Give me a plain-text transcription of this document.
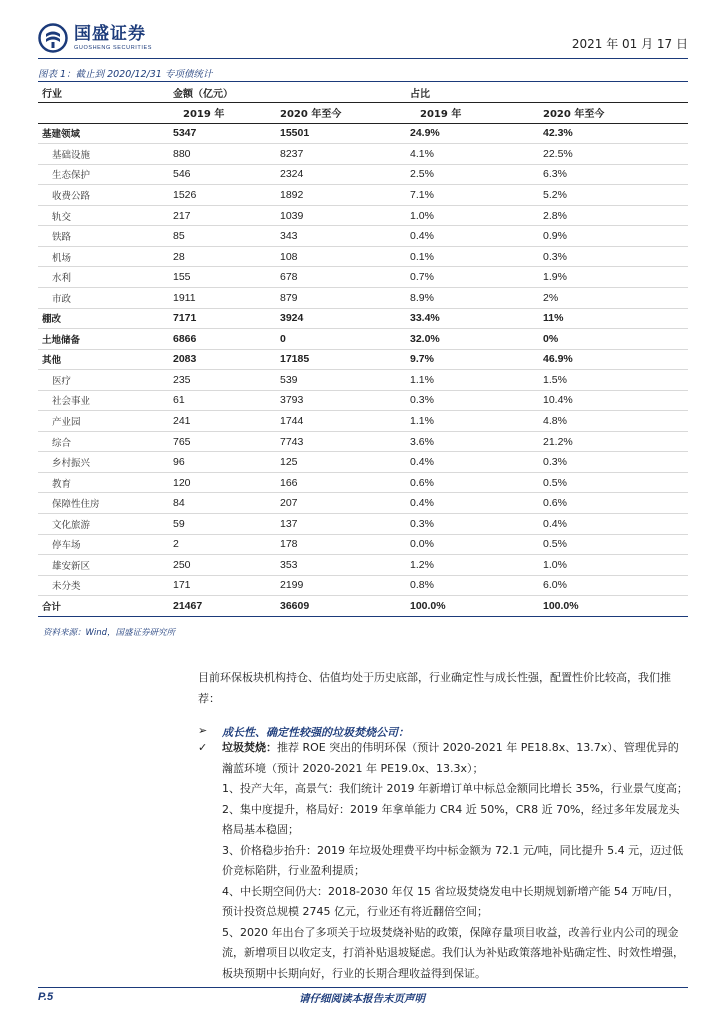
国盛证券
GUOSHENG SECURITIES	2021 年 01 月 17 日
图表 1：截止到 2020/12/31 专项债统计
行业	金额（亿元）		占比	
	2019 年	2020 年至今	2019 年	2020 年至今
基建领域	5347	15501	24.9%	42.3%
基础设施	880	8237	4.1%	22.5%
生态保护	546	2324	2.5%	6.3%
收费公路	1526	1892	7.1%	5.2%
轨交	217	1039	1.0%	2.8%
铁路	85	343	0.4%	0.9%
机场	28	108	0.1%	0.3%
水利	155	678	0.7%	1.9%
市政	1911	879	8.9%	2%
棚改	7171	3924	33.4%	11%
土地储备	6866	0	32.0%	0%
其他	2083	17185	9.7%	46.9%
医疗	235	539	1.1%	1.5%
社会事业	61	3793	0.3%	10.4%
产业园	241	1744	1.1%	4.8%
综合	765	7743	3.6%	21.2%
乡村振兴	96	125	0.4%	0.3%
教育	120	166	0.6%	0.5%
保障性住房	84	207	0.4%	0.6%
文化旅游	59	137	0.3%	0.4%
停车场	2	178	0.0%	0.5%
雄安新区	250	353	1.2%	1.0%
未分类	171	2199	0.8%	6.0%
合计	21467	36609	100.0%	100.0%
资料来源：Wind，国盛证券研究所
目前环保板块机构持仓、估值均处于历史底部，行业确定性与成长性强，配置性价比较高，我们推荐：
➢ 成长性、确定性较强的垃圾焚烧公司：
✓ 垃圾焚烧：推荐 ROE 突出的伟明环保（预计 2020-2021 年 PE18.8x、13.7x）、管理优异的瀚蓝环境（预计 2020-2021 年 PE19.0x、13.3x）；

1、投产大年，高景气：我们统计 2019 年新增订单中标总金额同比增长 35%，行业景气度高；

2、集中度提升，格局好：2019 年拿单能力 CR4 近 50%，CR8 近 70%，经过多年发展龙头格局基本稳固；

3、价格稳步抬升：2019 年垃圾处理费平均中标金额为 72.1 元/吨，同比提升 5.4 元，迈过低价竞标陷阱，行业盈利提质；

4、中长期空间仍大：2018-2030 年仅 15 省垃圾焚烧发电中长期规划新增产能 54 万吨/日，预计投资总规模 2745 亿元，行业还有将近翻倍空间；

5、2020 年出台了多项关于垃圾焚烧补贴的政策，保障存量项目收益，改善行业内公司的现金流，新增项目以收定支，打消补贴退坡疑虑。我们认为补贴政策落地补贴确定性、时效性增强，板块预期中长期向好，行业的长期合理收益得到保证。

P.5	请仔细阅读本报告末页声明
